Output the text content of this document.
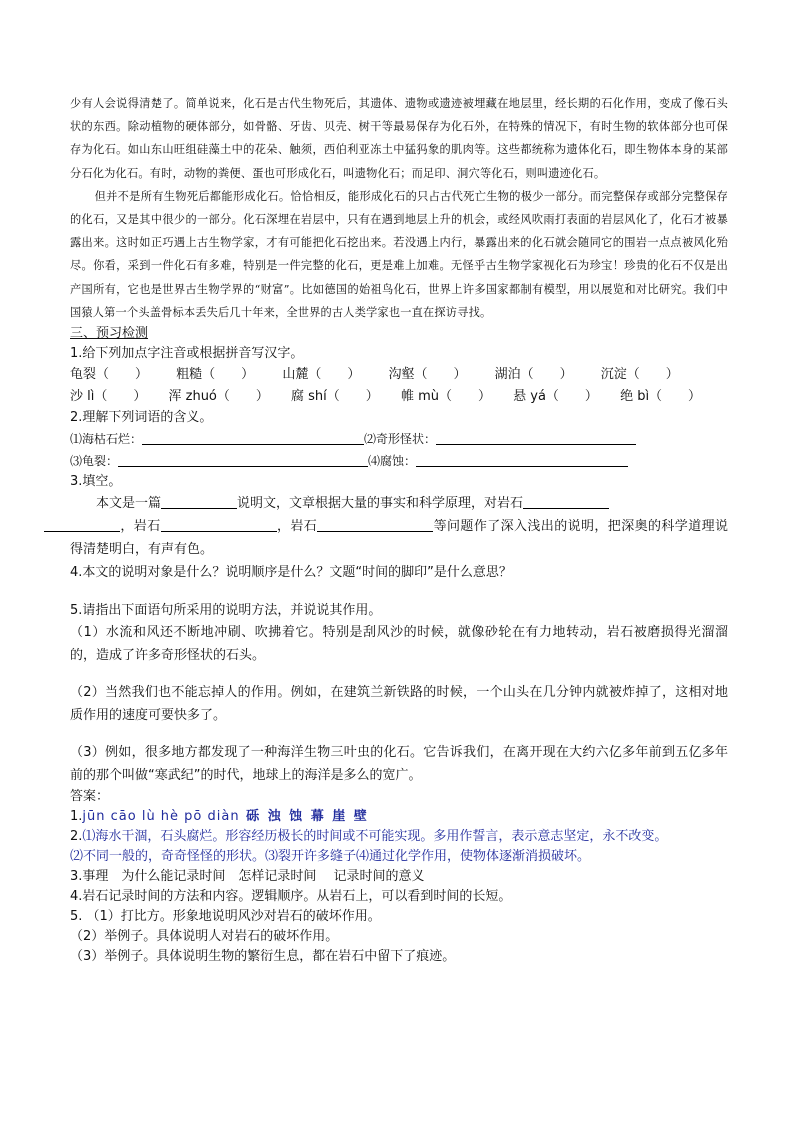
少有人会说得清楚了。简单说来，化石是古代生物死后，其遗体、遗物或遗迹被埋藏在地层里，经长期的石化作用，变成了像石头状的东西。除动植物的硬体部分，如骨骼、牙齿、贝壳、树干等最易保存为化石外，在特殊的情况下，有时生物的软体部分也可保存为化石。如山东山旺组硅藻土中的花朵、触须，西伯利亚冻土中猛犸象的肌肉等。这些都统称为遗体化石，即生物体本身的某部分石化为化石。有时，动物的粪便、蛋也可形成化石，叫遗物化石；而足印、洞穴等化石，则叫遗迹化石。

但并不是所有生物死后都能形成化石。恰恰相反，能形成化石的只占古代死亡生物的极少一部分。而完整保存或部分完整保存的化石，又是其中很少的一部分。化石深埋在岩层中，只有在遇到地层上升的机会，或经风吹雨打表面的岩层风化了，化石才被暴露出来。这时如正巧遇上古生物学家，才有可能把化石挖出来。若没遇上内行，暴露出来的化石就会随同它的围岩一点点被风化殆尽。你看，采到一件化石有多难，特别是一件完整的化石，更是难上加难。无怪乎古生物学家视化石为珍宝！珍贵的化石不仅是出产国所有，它也是世界古生物学界的“财富”。比如德国的始祖鸟化石，世界上许多国家都制有模型，用以展览和对比研究。我们中国猿人第一个头盖骨标本丢失后几十年来，全世界的古人类学家也一直在探访寻找。

三、预习检测

1.给下列加点字注音或根据拼音写汉字。

龟裂（　　） 粗糙（　　） 山麓（　　） 沟壑（　　） 湖泊（　　） 沉淀（　　）

沙 lì（　　） 浑 zhuó（　　） 腐 shí（　　） 帷 mù（　　） 悬 yá（　　） 绝 bì（　　）

2.理解下列词语的含义。

⑴海枯石烂：	⑵奇形怪状：

⑶龟裂：	⑷腐蚀：

3.填空。

本文是一篇	说明文，文章根据大量的事实和科学原理，对岩石
，岩石	，岩石	等问题作了深入浅出的说明，把深奥的科学道理说得清楚明白，有声有色。

4.本文的说明对象是什么？说明顺序是什么？文题“时间的脚印”是什么意思？

5.请指出下面语句所采用的说明方法，并说说其作用。

（1）水流和风还不断地冲刷、吹拂着它。特别是刮风沙的时候，就像砂轮在有力地转动，岩石被磨损得光溜溜的，造成了许多奇形怪状的石头。

（2）当然我们也不能忘掉人的作用。例如，在建筑兰新铁路的时候，一个山头在几分钟内就被炸掉了，这相对地质作用的速度可要快多了。

（3）例如，很多地方都发现了一种海洋生物三叶虫的化石。它告诉我们，在离开现在大约六亿多年前到五亿多年前的那个叫做“寒武纪”的时代，地球上的海洋是多么的宽广。

答案：

1.jūn cāo lù hè pō diàn 砾 浊 蚀 幕 崖 壁

2.⑴海水干涸，石头腐烂。形容经历极长的时间或不可能实现。多用作誓言，表示意志坚定，永不改变。

⑵不同一般的，奇奇怪怪的形状。⑶裂开许多缝子⑷通过化学作用，使物体逐渐消损破坏。

3.事理　为什么能记录时间　怎样记录时间　 记录时间的意义

4.岩石记录时间的方法和内容。逻辑顺序。从岩石上，可以看到时间的长短。

5. （1）打比方。形象地说明风沙对岩石的破坏作用。

（2）举例子。具体说明人对岩石的破坏作用。

（3）举例子。具体说明生物的繁衍生息，都在岩石中留下了痕迹。
